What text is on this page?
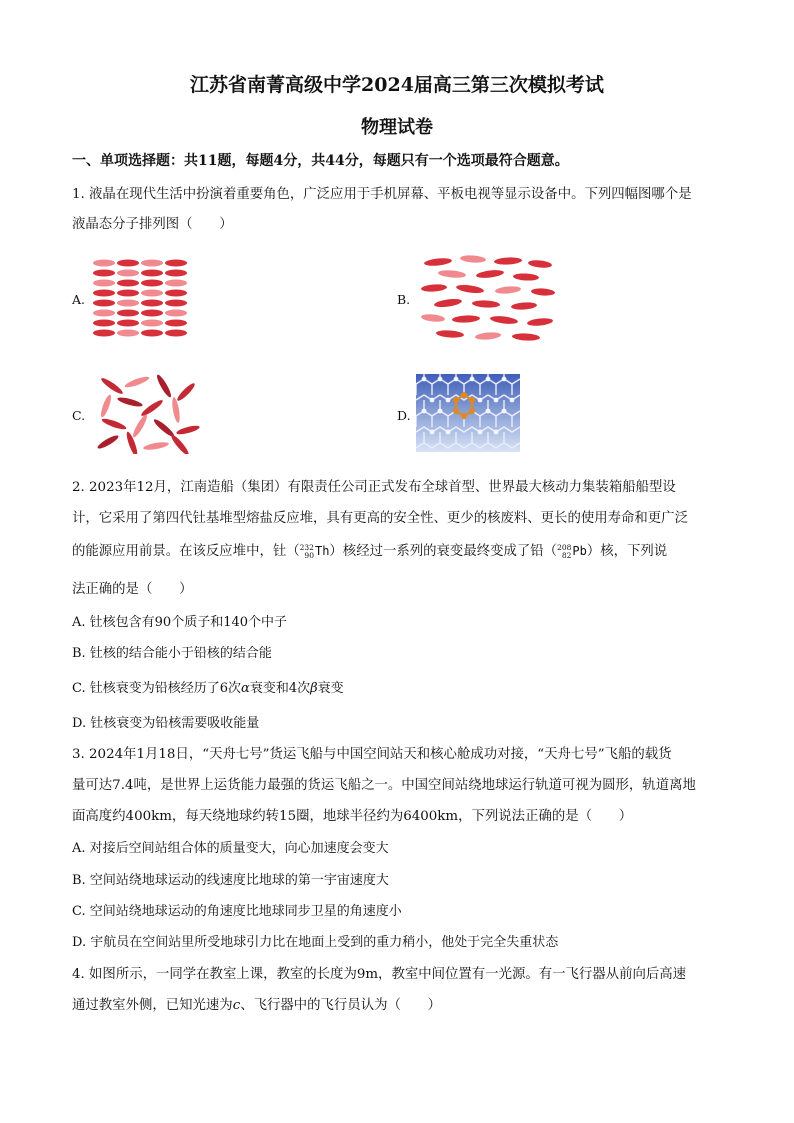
江苏省南菁高级中学2024届高三第三次模拟考试
物理试卷
一、单项选择题：共11题，每题4分，共44分，每题只有一个选项最符合题意。
1. 液晶在现代生活中扮演着重要角色，广泛应用于手机屏幕、平板电视等显示设备中。下列四幅图哪个是
液晶态分子排列图（　　）
A.	B.
C.	D.
2. 2023年12月，江南造船（集团）有限责任公司正式发布全球首型、世界最大核动力集装箱船船型设
计，它采用了第四代钍基堆型熔盐反应堆，具有更高的安全性、更少的核废料、更长的使用寿命和更广泛
的能源应用前景。在该反应堆中，钍（ 232
90 Th）核经过一系列的衰变最终变成了铅（ 208
82 Pb）核，下列说
法正确的是（　　）
A. 钍核包含有90个质子和140个中子
B. 钍核的结合能小于铅核的结合能
C. 钍核衰变为铅核经历了6次α衰变和4次β衰变
D. 钍核衰变为铅核需要吸收能量
3. 2024年1月18日，“天舟七号”货运飞船与中国空间站天和核心舱成功对接，“天舟七号”飞船的载货
量可达7.4吨，是世界上运货能力最强的货运飞船之一。中国空间站绕地球运行轨道可视为圆形，轨道离地
面高度约400km，每天绕地球约转15圈，地球半径约为6400km，下列说法正确的是（　　）
A. 对接后空间站组合体的质量变大，向心加速度会变大
B. 空间站绕地球运动的线速度比地球的第一宇宙速度大
C. 空间站绕地球运动的角速度比地球同步卫星的角速度小
D. 宇航员在空间站里所受地球引力比在地面上受到的重力稍小，他处于完全失重状态
4. 如图所示，一同学在教室上课，教室的长度为9m，教室中间位置有一光源。有一飞行器从前向后高速
通过教室外侧，已知光速为c、飞行器中的飞行员认为（　　）
